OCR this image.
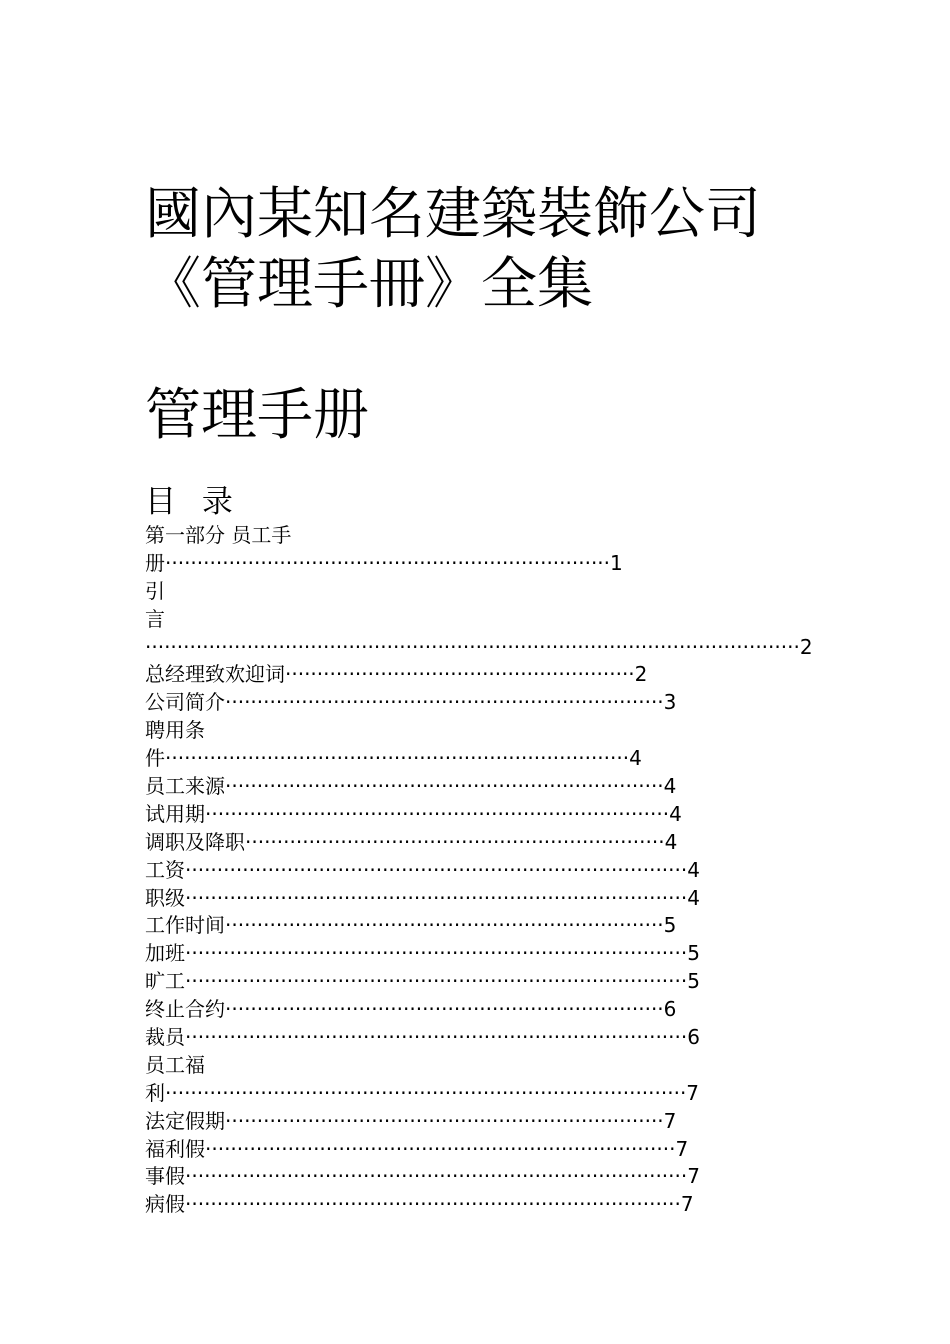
國內某知名建築裝飾公司
《管理手冊》全集
管理手册
目 录
第一部分 员工手
册······································································1
引
言
·······································································································2
总经理致欢迎词·······················································2
公司简介·····································································3
聘用条
件·········································································4
员工来源·····································································4
试用期·········································································4
调职及降职··································································4
工资···············································································4
职级···············································································4
工作时间·····································································5
加班···············································································5
旷工···············································································5
终止合约·····································································6
裁员···············································································6
员工福
利··················································································7
法定假期·····································································7
福利假··········································································7
事假···············································································7
病假··············································································7
